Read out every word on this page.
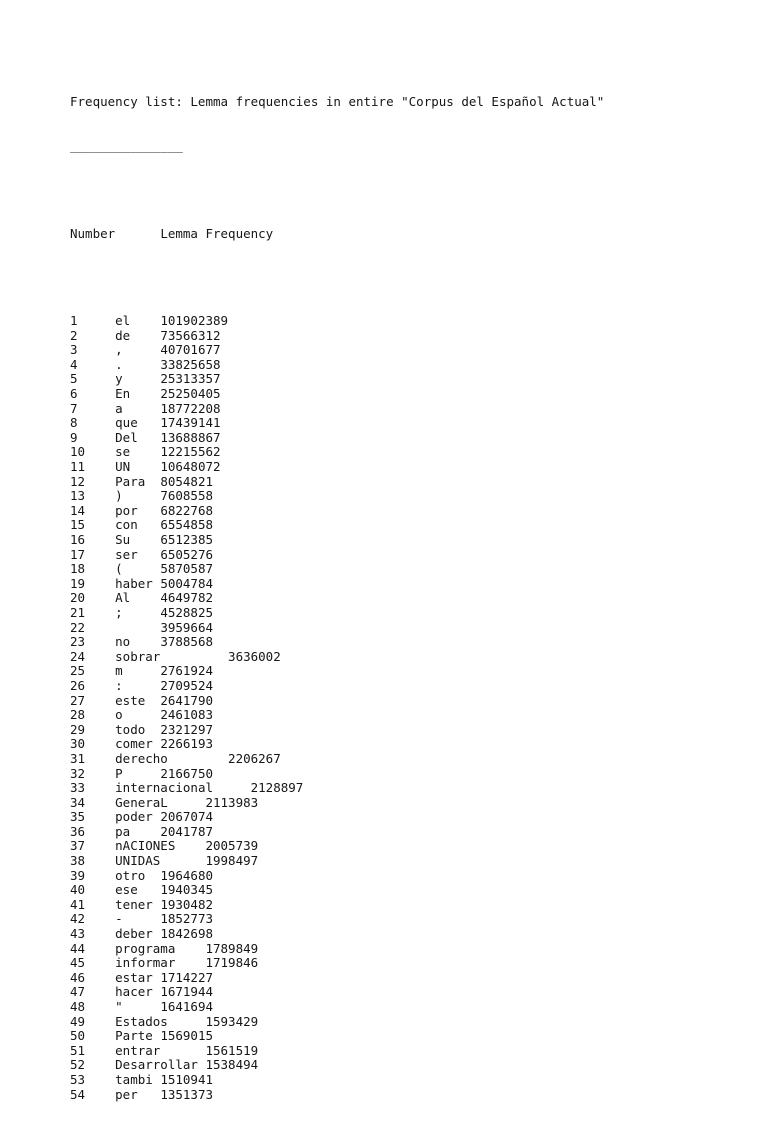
Frequency list: Lemma frequencies in entire "Corpus del Español Actual"

_______________

Number      Lemma Frequency

1     el    101902389
2     de    73566312
3     ,     40701677
4     .     33825658
5     y     25313357
6     En    25250405
7     a     18772208
8     que   17439141
9     Del   13688867
10    se    12215562
11    UN    10648072
12    Para  8054821
13    )     7608558
14    por   6822768
15    con   6554858
16    Su    6512385
17    ser   6505276
18    (     5870587
19    haber 5004784
20    Al    4649782
21    ;     4528825
22	3959664
23    no    3788568
24    sobrar         3636002
25    m     2761924
26    :     2709524
27    este  2641790
28    o     2461083
29    todo  2321297
30    comer 2266193
31    derecho        2206267
32    P     2166750
33    internacional     2128897
34    GeneraL     2113983
35    poder 2067074
36    pa    2041787
37    nACIONES    2005739
38    UNIDAS      1998497
39    otro  1964680
40    ese   1940345
41    tener 1930482
42    -     1852773
43    deber 1842698
44    programa    1789849
45    informar    1719846
46    estar 1714227
47    hacer 1671944
48    "     1641694
49    Estados     1593429
50    Parte 1569015
51    entrar      1561519
52    Desarrollar 1538494
53    tambi 1510941
54    per   1351373
